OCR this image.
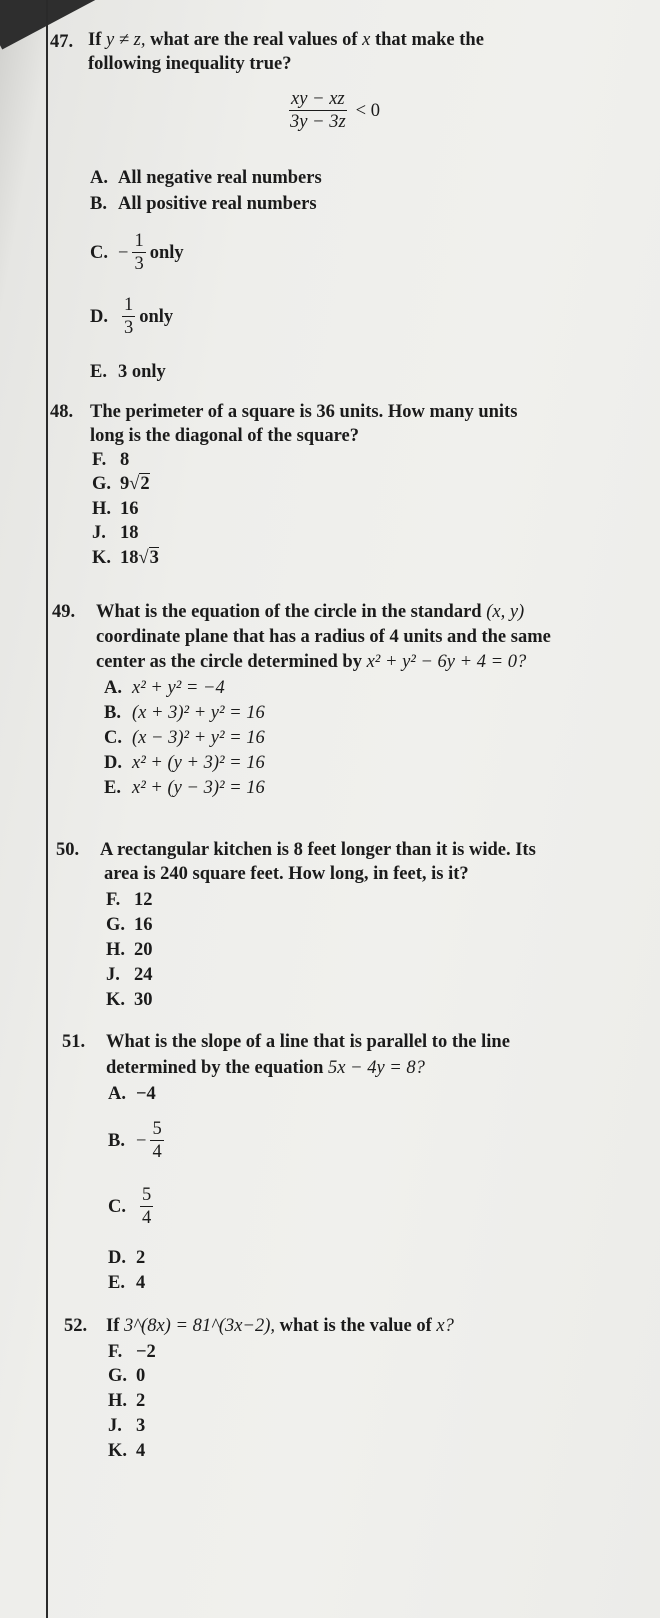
47. If y ≠ z, what are the real values of x that make the
following inequality true?
$\frac{xy - xz}{3y - 3z} < 0$
A. All negative real numbers
B. All positive real numbers
C. − $\frac{1}{3}$ only
D. $\frac{1}{3}$ only
E. 3 only
48. The perimeter of a square is 36 units. How many units
long is the diagonal of the square?
F. 8
G. 9√2
H. 16
J. 18
K. 18√3
49. What is the equation of the circle in the standard (x, y)
coordinate plane that has a radius of 4 units and the same
center as the circle determined by x² + y² − 6y + 4 = 0?
A. x² + y² = −4
B. (x + 3)² + y² = 16
C. (x − 3)² + y² = 16
D. x² + (y + 3)² = 16
E. x² + (y − 3)² = 16
50. A rectangular kitchen is 8 feet longer than it is wide. Its
area is 240 square feet. How long, in feet, is it?
F. 12
G. 16
H. 20
J. 24
K. 30
51. What is the slope of a line that is parallel to the line
determined by the equation 5x − 4y = 8?
A. −4
B. − $\frac{5}{4}$
C. $\frac{5}{4}$
D. 2
E. 4
52. If 3^(8x) = 81^(3x−2), what is the value of x?
F. −2
G. 0
H. 2
J. 3
K. 4
